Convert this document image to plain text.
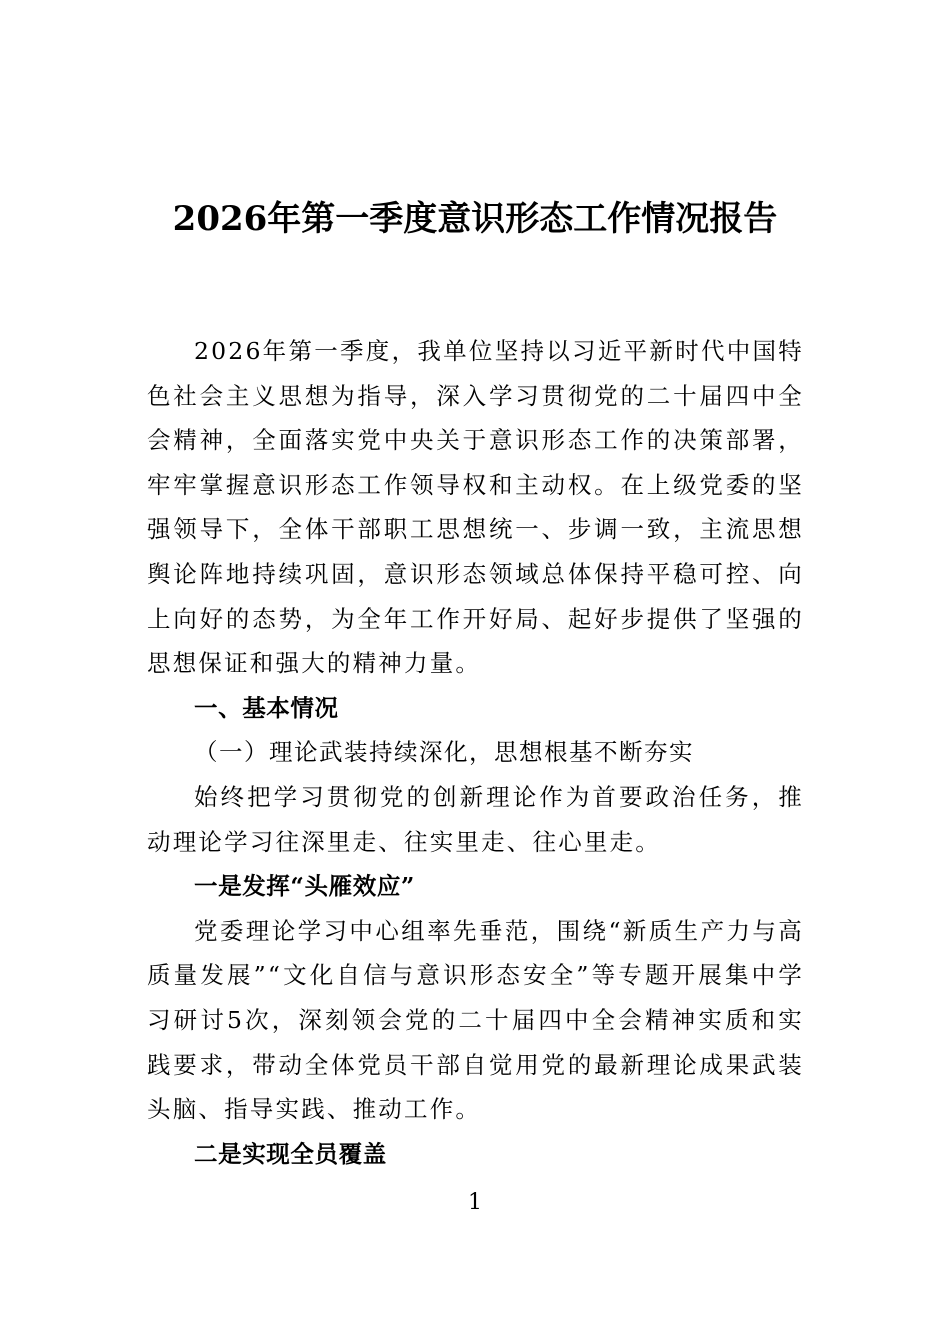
2026年第一季度意识形态工作情况报告

2026年第一季度，我单位坚持以习近平新时代中国特色社会主义思想为指导，深入学习贯彻党的二十届四中全会精神，全面落实党中央关于意识形态工作的决策部署，牢牢掌握意识形态工作领导权和主动权。在上级党委的坚强领导下，全体干部职工思想统一、步调一致，主流思想舆论阵地持续巩固，意识形态领域总体保持平稳可控、向上向好的态势，为全年工作开好局、起好步提供了坚强的思想保证和强大的精神力量。

一、基本情况

（一）理论武装持续深化，思想根基不断夯实

始终把学习贯彻党的创新理论作为首要政治任务，推动理论学习往深里走、往实里走、往心里走。

一是发挥“头雁效应”

党委理论学习中心组率先垂范，围绕“新质生产力与高质量发展”“文化自信与意识形态安全”等专题开展集中学习研讨5次，深刻领会党的二十届四中全会精神实质和实践要求，带动全体党员干部自觉用党的最新理论成果武装头脑、指导实践、推动工作。

二是实现全员覆盖

1
